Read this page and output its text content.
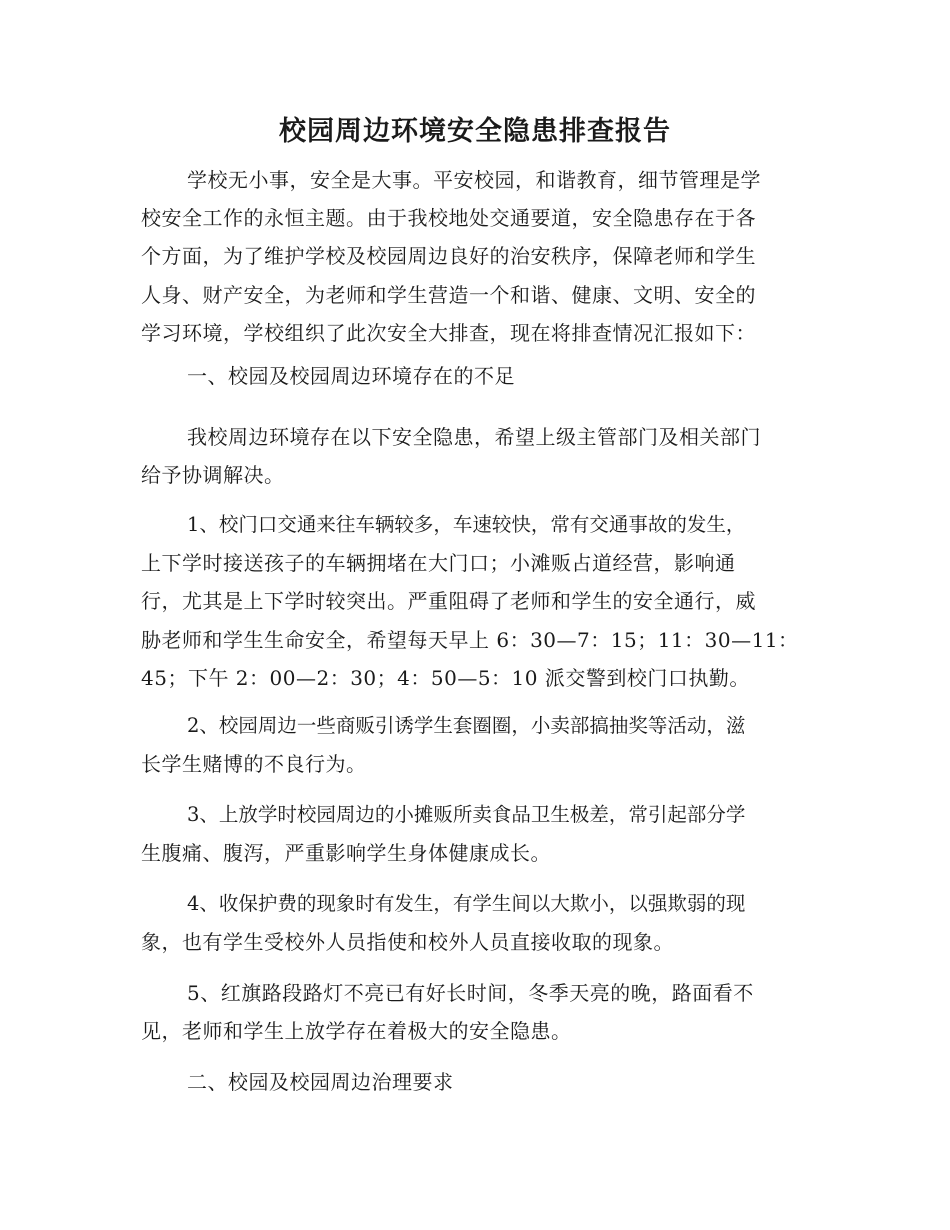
校园周边环境安全隐患排查报告
学校无小事，安全是大事。平安校园，和谐教育，细节管理是学
校安全工作的永恒主题。由于我校地处交通要道，安全隐患存在于各
个方面，为了维护学校及校园周边良好的治安秩序，保障老师和学生
人身、财产安全，为老师和学生营造一个和谐、健康、文明、安全的
学习环境，学校组织了此次安全大排查，现在将排查情况汇报如下：
一、校园及校园周边环境存在的不足
我校周边环境存在以下安全隐患，希望上级主管部门及相关部门
给予协调解决。
1、校门口交通来往车辆较多，车速较快，常有交通事故的发生，
上下学时接送孩子的车辆拥堵在大门口；小滩贩占道经营，影响通
行，尤其是上下学时较突出。严重阻碍了老师和学生的安全通行，威
胁老师和学生生命安全，希望每天早上 6：30—7：15；11：30—11：
45；下午 2：00—2：30；4：50—5：10 派交警到校门口执勤。
2、校园周边一些商贩引诱学生套圈圈，小卖部搞抽奖等活动，滋
长学生赌博的不良行为。
3、上放学时校园周边的小摊贩所卖食品卫生极差，常引起部分学
生腹痛、腹泻，严重影响学生身体健康成长。
4、收保护费的现象时有发生，有学生间以大欺小，以强欺弱的现
象，也有学生受校外人员指使和校外人员直接收取的现象。
5、红旗路段路灯不亮已有好长时间，冬季天亮的晚，路面看不
见，老师和学生上放学存在着极大的安全隐患。
二、校园及校园周边治理要求
